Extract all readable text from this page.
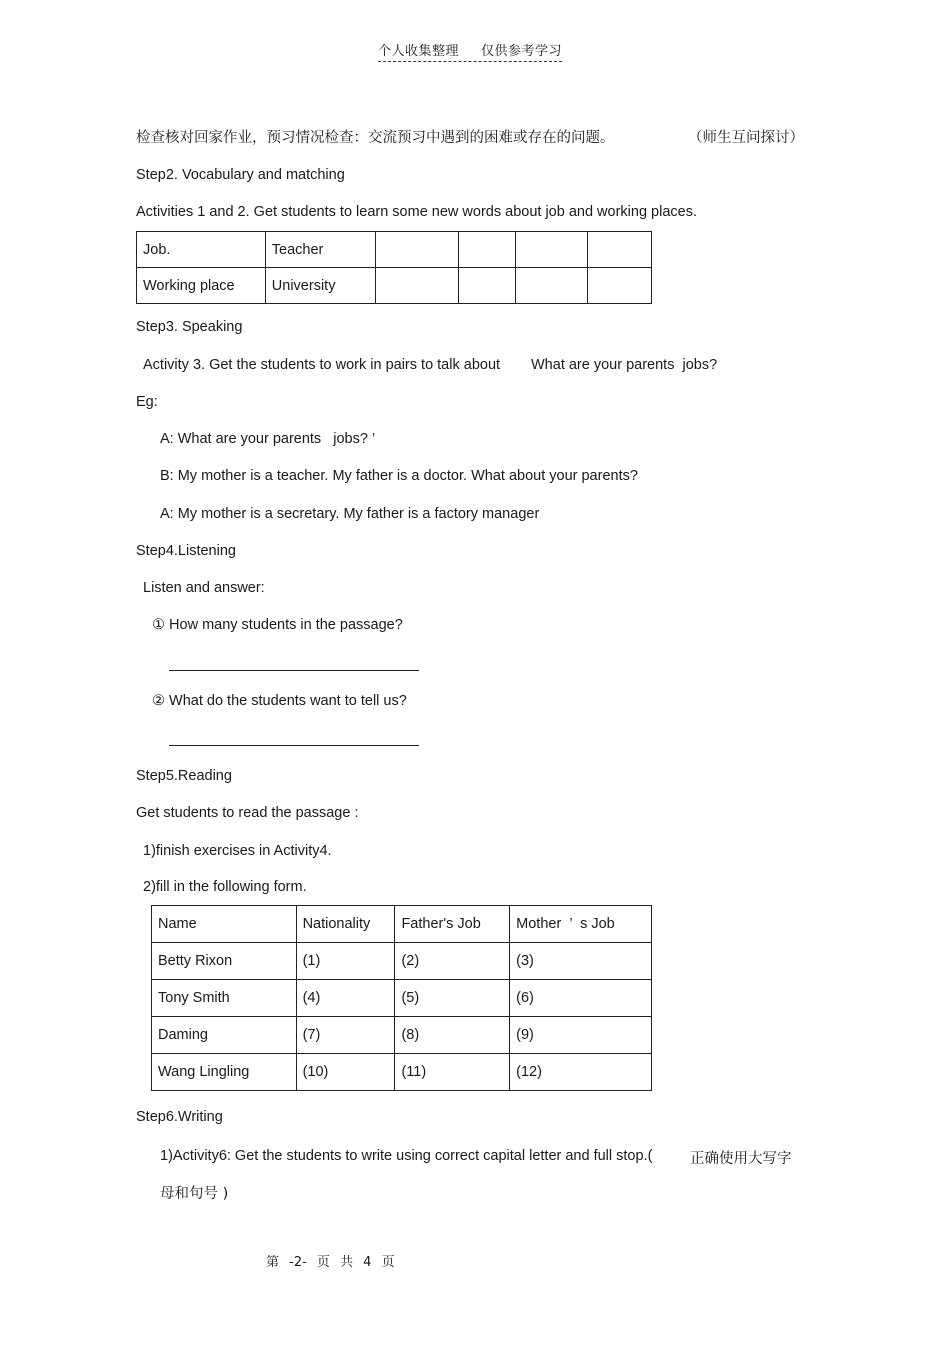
个人收集整理 仅供参考学习
检查核对回家作业，预习情况检查：交流预习中遇到的困难或存在的问题。	（师生互问探讨）
Step2. Vocabulary and matching
Activities 1 and 2. Get students to learn some new words about job and working places.
Job.	Teacher				
Working place	University				
Step3. Speaking
Activity 3. Get the students to work in pairs to talk about What are your parents  jobs?
Eg:
A: What are your parents   jobs? ’
B: My mother is a teacher. My father is a doctor. What about your parents?
A: My mother is a secretary. My father is a factory manager
Step4.Listening
Listen and answer:
① How many students in the passage?
② What do the students want to tell us?
Step5.Reading
Get students to read the passage :
1)finish exercises in Activity4.
2)fill in the following form.
Name	Nationality	Father's Job	Mother  ’  s Job
Betty Rixon	(1)	(2)	(3)
Tony Smith	(4)	(5)	(6)
Daming	(7)	(8)	(9)
Wang Lingling	(10)	(11)	(12)
Step6.Writing
1)Activity6: Get the students to write using correct capital letter and full stop.(	正确使用大写字
母和句号 )
第 -2- 页 共 4 页
